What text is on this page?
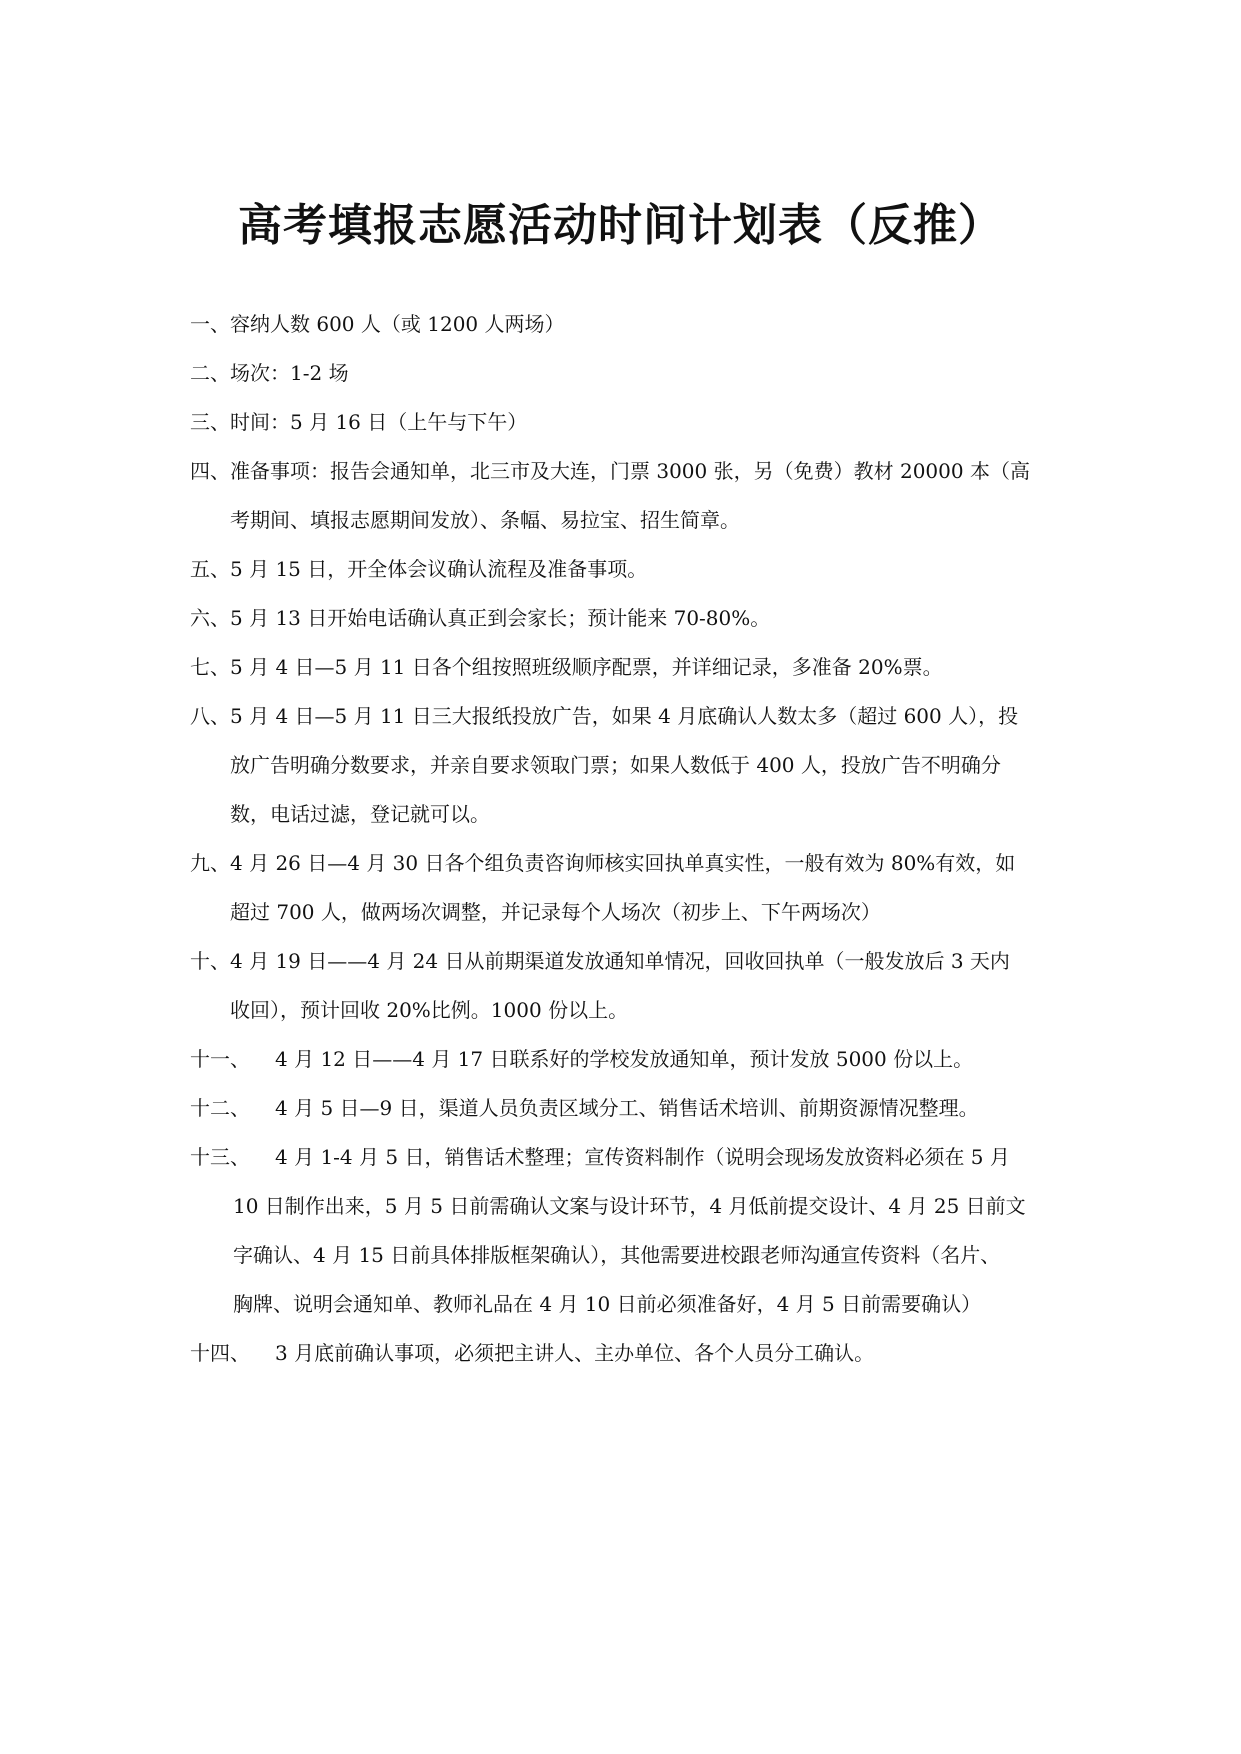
高考填报志愿活动时间计划表（反推）
一、 容纳人数 600 人（或 1200 人两场）
二、 场次：1-2 场
三、 时间：5 月 16 日（上午与下午）
四、 准备事项：报告会通知单，北三市及大连，门票 3000 张，另（免费）教材 20000 本（高
考期间、填报志愿期间发放）、条幅、易拉宝、招生简章。
五、 5 月 15 日，开全体会议确认流程及准备事项。
六、 5 月 13 日开始电话确认真正到会家长；预计能来 70-80%。
七、 5 月 4 日—5 月 11 日各个组按照班级顺序配票，并详细记录，多准备 20%票。
八、 5 月 4 日—5 月 11 日三大报纸投放广告，如果 4 月底确认人数太多（超过 600 人），投
放广告明确分数要求，并亲自要求领取门票；如果人数低于 400 人，投放广告不明确分
数，电话过滤，登记就可以。
九、 4 月 26 日—4 月 30 日各个组负责咨询师核实回执单真实性，一般有效为 80%有效，如
超过 700 人，做两场次调整，并记录每个人场次（初步上、下午两场次）
十、 4 月 19 日——4 月 24 日从前期渠道发放通知单情况，回收回执单（一般发放后 3 天内
收回），预计回收 20%比例。1000 份以上。
十一、	4 月 12 日——4 月 17 日联系好的学校发放通知单，预计发放 5000 份以上。
十二、	4 月 5 日—9 日，渠道人员负责区域分工、销售话术培训、前期资源情况整理。
十三、	4 月 1-4 月 5 日，销售话术整理；宣传资料制作（说明会现场发放资料必须在 5 月
10 日制作出来，5 月 5 日前需确认文案与设计环节，4 月低前提交设计、4 月 25 日前文
字确认、4 月 15 日前具体排版框架确认），其他需要进校跟老师沟通宣传资料（名片、
胸牌、说明会通知单、教师礼品在 4 月 10 日前必须准备好，4 月 5 日前需要确认）
十四、	3 月底前确认事项，必须把主讲人、主办单位、各个人员分工确认。
